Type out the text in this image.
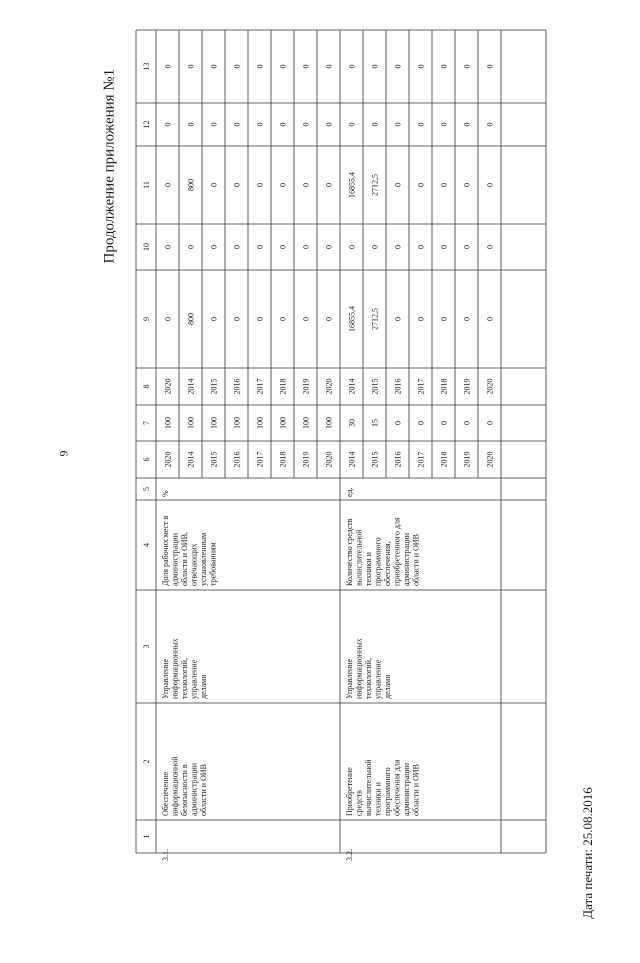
9
Продолжение приложения №1
Дата печати: 25.08.2016
1
2
3
4
5
6
7
8
9
10
11
12
13
3.1.
Обеспечение информационной безопасности в администрации области и ОИВ
Управление информационных технологий, управление делами
Доля рабочих мест в администрации области и ОИВ, отвечающих установленным требованиям
%
2020
100
2020
0
0
0
0
0
2014
100
2014
800
0
800
0
0
2015
100
2015
0
0
0
0
0
2016
100
2016
0
0
0
0
0
2017
100
2017
0
0
0
0
0
2018
100
2018
0
0
0
0
0
2019
100
2019
0
0
0
0
0
2020
100
2020
0
0
0
0
0
3.2.
Приобретение средств вычислительной техники и программного обеспечения для администрации области и ОИВ
Управление информационных технологий, управление делами
Количество средств вычислительной техники и программного обеспечения, приобретенного для администрации области и ОИВ
ед.
2014
30
2014
16855,4
0
16855,4
0
0
2015
15
2015
2712,5
0
2712,5
0
0
2016
0
2016
0
0
0
0
0
2017
0
2017
0
0
0
0
0
2018
0
2018
0
0
0
0
0
2019
0
2019
0
0
0
0
0
2020
0
2020
0
0
0
0
0
